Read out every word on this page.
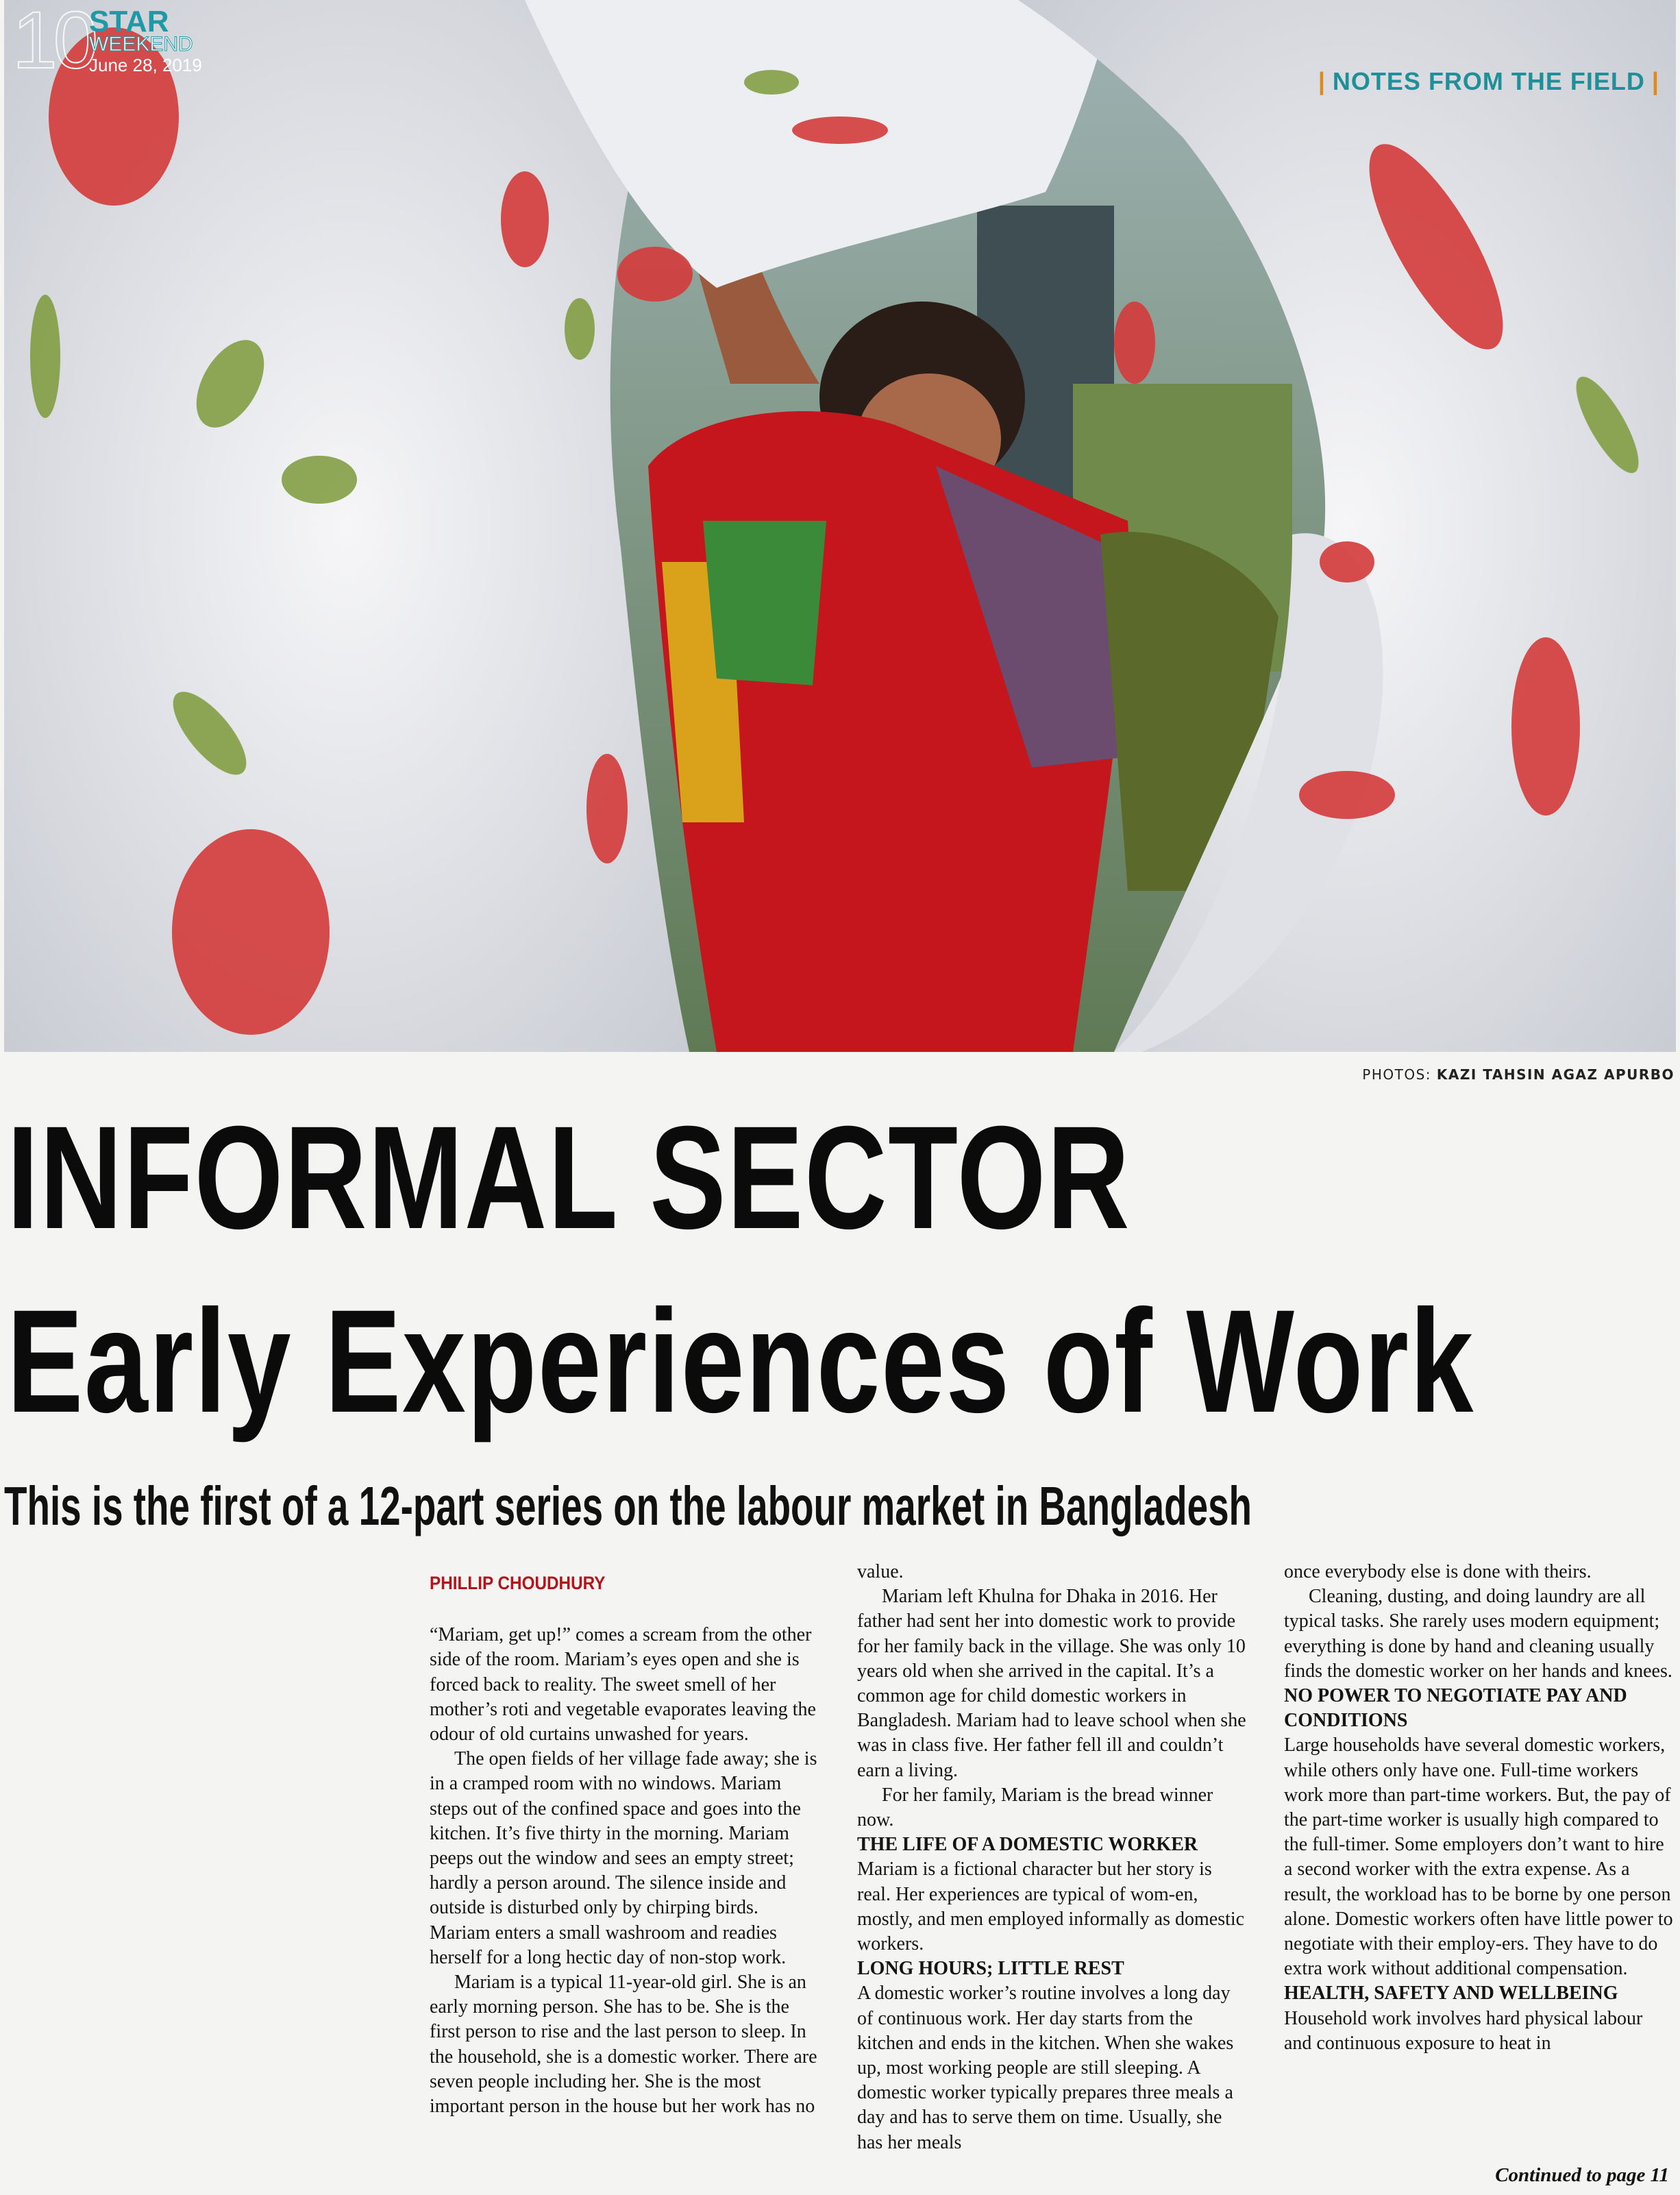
10
STAR
WEEKEND
June 28, 2019
| NOTES FROM THE FIELD |
PHOTOS: KAZI TAHSIN AGAZ APURBO
INFORMAL SECTOR
Early Experiences of Work
This is the first of a 12-part series on the labour market in Bangladesh
PHILLIP CHOUDHURY

“Mariam, get up!” comes a scream from the other side of the room. Mariam’s eyes open and she is forced back to reality. The sweet smell of her mother’s roti and vegetable evaporates leaving the odour of old curtains unwashed for years.

The open fields of her village fade away; she is in a cramped room with no windows. Mariam steps out of the confined space and goes into the kitchen. It’s five thirty in the morning. Mariam peeps out the window and sees an empty street; hardly a person around. The silence inside and outside is disturbed only by chirping birds. Mariam enters a small washroom and readies herself for a long hectic day of non-stop work.

Mariam is a typical 11-year-old girl. She is an early morning person. She has to be. She is the first person to rise and the last person to sleep. In the household, she is a domestic worker. There are seven people including her. She is the most important person in the house but her work has no

value.

Mariam left Khulna for Dhaka in 2016. Her father had sent her into domestic work to provide for her family back in the village. She was only 10 years old when she arrived in the capital. It’s a common age for child domestic workers in Bangladesh. Mariam had to leave school when she was in class five. Her father fell ill and couldn’t earn a living.

For her family, Mariam is the bread winner now.

THE LIFE OF A DOMESTIC WORKER

Mariam is a fictional character but her story is real. Her experiences are typical of wom-en, mostly, and men employed informally as domestic workers.

LONG HOURS; LITTLE REST

A domestic worker’s routine involves a long day of continuous work. Her day starts from the kitchen and ends in the kitchen. When she wakes up, most working people are still sleeping. A domestic worker typically prepares three meals a day and has to serve them on time. Usually, she has her meals

once everybody else is done with theirs.

Cleaning, dusting, and doing laundry are all typical tasks. She rarely uses modern equipment; everything is done by hand and cleaning usually finds the domestic worker on her hands and knees.

NO POWER TO NEGOTIATE PAY AND CONDITIONS

Large households have several domestic workers, while others only have one. Full-time workers work more than part-time workers. But, the pay of the part-time worker is usually high compared to the full-timer. Some employers don’t want to hire a second worker with the extra expense. As a result, the workload has to be borne by one person alone. Domestic workers often have little power to negotiate with their employ-ers. They have to do extra work without additional compensation.

HEALTH, SAFETY AND WELLBEING

Household work involves hard physical labour and continuous exposure to heat in

Continued to page 11
